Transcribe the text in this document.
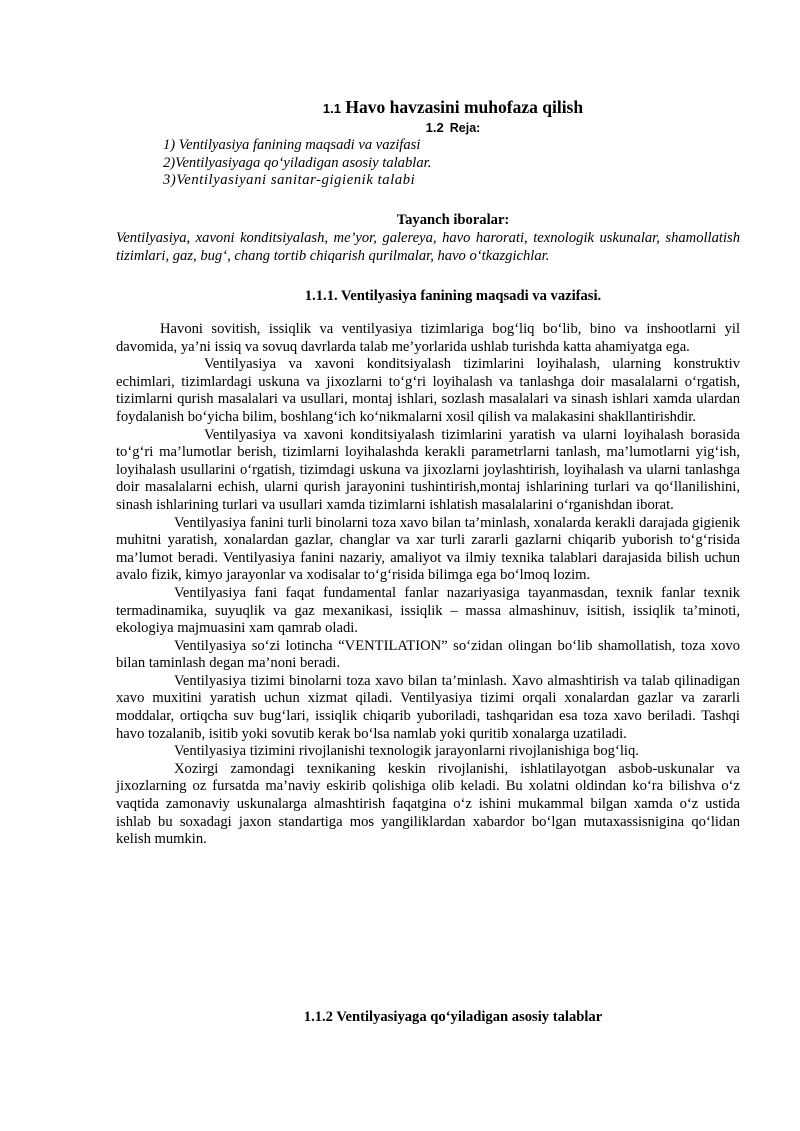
1.1 Havo havzasini muhofaza qilish
1.2 Reja:
1) Ventilyasiya fanining maqsadi va vazifasi
2)Ventilyasiyaga qo‘yiladigan asosiy talablar.
3)Ventilyasiyani sanitar-gigienik talabi
Tayanch iboralar:
Ventilyasiya, xavoni konditsiyalash, me’yor, galereya, havo harorati, texnologik uskunalar, shamollatish tizimlari, gaz, bug‘, chang tortib chiqarish qurilmalar, havo o‘tkazgichlar.
1.1.1. Ventilyasiya fanining maqsadi va vazifasi.

Havoni sovitish, issiqlik va ventilyasiya tizimlariga bog‘liq bo‘lib, bino va inshootlarni yil davomida, ya’ni issiq va sovuq davrlarda talab me’yorlarida ushlab turishda katta ahamiyatga ega.

Ventilyasiya va xavoni konditsiyalash tizimlarini loyihalash, ularning konstruktiv echimlari, tizimlardagi uskuna va jixozlarni to‘g‘ri loyihalash va tanlashga doir masalalarni o‘rgatish, tizimlarni qurish masalalari va usullari, montaj ishlari, sozlash masalalari va sinash ishlari xamda ulardan foydalanish bo‘yicha bilim, boshlang‘ich ko‘nikmalarni xosil qilish va malakasini shakllantirishdir.

Ventilyasiya va xavoni konditsiyalash tizimlarini yaratish va ularni loyihalash borasida to‘g‘ri ma’lumotlar berish, tizimlarni loyihalashda kerakli parametrlarni tanlash, ma’lumotlarni yig‘ish, loyihalash usullarini o‘rgatish, tizimdagi uskuna va jixozlarni joylashtirish, loyihalash va ularni tanlashga doir masalalarni echish, ularni qurish jarayonini tushintirish,montaj ishlarining turlari va qo‘llanilishini, sinash ishlarining turlari va usullari xamda tizimlarni ishlatish masalalarini o‘rganishdan iborat.

Ventilyasiya fanini turli binolarni toza xavo bilan ta’minlash, xonalarda kerakli darajada gigienik muhitni yaratish, xonalardan gazlar, changlar va xar turli zararli gazlarni chiqarib yuborish to‘g‘risida ma’lumot beradi. Ventilyasiya fanini nazariy, amaliyot va ilmiy texnika talablari darajasida bilish uchun avalo fizik, kimyo jarayonlar va xodisalar to‘g‘risida bilimga ega bo‘lmoq lozim.

Ventilyasiya fani faqat fundamental fanlar nazariyasiga tayanmasdan, texnik fanlar texnik termadinamika, suyuqlik va gaz mexanikasi, issiqlik – massa almashinuv, isitish, issiqlik ta’minoti, ekologiya majmuasini xam qamrab oladi.

Ventilyasiya so‘zi lotincha “VENTILATION” so‘zidan olingan bo‘lib shamollatish, toza xovo bilan taminlash degan ma’noni beradi.

Ventilyasiya tizimi binolarni toza xavo bilan ta’minlash. Xavo almashtirish va talab qilinadigan xavo muxitini yaratish uchun xizmat qiladi. Ventilyasiya tizimi orqali xonalardan gazlar va zararli moddalar, ortiqcha suv bug‘lari, issiqlik chiqarib yuboriladi, tashqaridan esa toza xavo beriladi. Tashqi havo tozalanib, isitib yoki sovutib kerak bo‘lsa namlab yoki quritib xonalarga uzatiladi.

Ventilyasiya tizimini rivojlanishi texnologik jarayonlarni rivojlanishiga bog‘liq.

Xozirgi zamondagi texnikaning keskin rivojlanishi, ishlatilayotgan asbob-uskunalar va jixozlarning oz fursatda ma’naviy eskirib qolishiga olib keladi. Bu xolatni oldindan ko‘ra bilishva o‘z vaqtida zamonaviy uskunalarga almashtirish faqatgina o‘z ishini mukammal bilgan xamda o‘z ustida ishlab bu soxadagi jaxon standartiga mos yangiliklardan xabardor bo‘lgan mutaxassisnigina qo‘lidan kelish mumkin.

1.1.2 Ventilyasiyaga qo‘yiladigan asosiy talablar
